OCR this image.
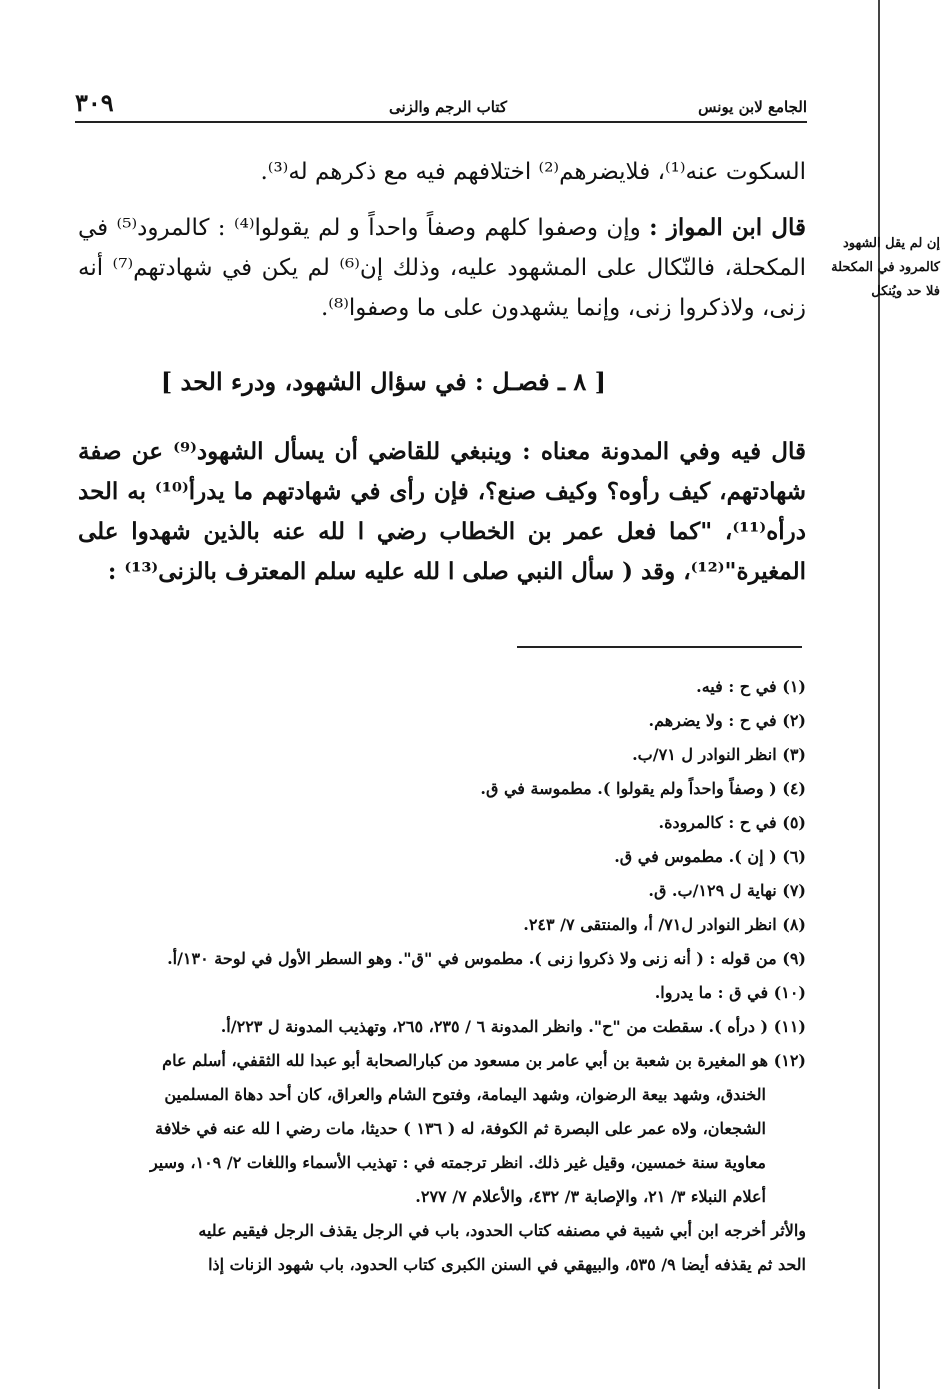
الجامع لابن يونس
كتاب الرجم والزنى
٣٠٩
إن لم يقل الشهود كالمرود في المكحلة فلا حد ويُنكل

السكوت عنه⁽¹⁾، فلايضرهم⁽²⁾ اختلافهم فيه مع ذكرهم له⁽³⁾.

قال ابن المواز : وإن وصفوا كلهم وصفاً واحداً و لم يقولوا⁽⁴⁾ : كالمرود⁽⁵⁾ في المكحلة، فالنّكال على المشهود عليه، وذلك إن⁽⁶⁾ لم يكن في شهادتهم⁽⁷⁾ أنه زنى، ولاذكروا زنى، وإنما يشهدون على ما وصفوا⁽⁸⁾.

[ ٨ ـ فصـل : في سؤال الشهود، ودرء الحد ]

قال فيه وفي المدونة معناه : وينبغي للقاضي أن يسأل الشهود⁽⁹⁾ عن صفة شهادتهم، كيف رأوه؟ وكيف صنع؟، فإن رأى في شهادتهم ما يدرأ⁽¹⁰⁾ به الحد درأه⁽¹¹⁾، "كما فعل عمر بن الخطاب رضي ا لله عنه بالذين شهدوا على المغيرة"⁽¹²⁾، وقد ( سأل النبي صلى ا لله عليه سلم المعترف بالزنى⁽¹³⁾ :

(١) في ح : فيه.

(٢) في ح : ولا يضرهم.

(٣) انظر النوادر ل ٧١/ب.

(٤) ( وصفاً واحداً ولم يقولوا ). مطموسة في ق.

(٥) في ح : كالمرودة.

(٦) ( إن ). مطموس في ق.

(٧) نهاية ل ١٢٩/ب. ق.

(٨) انظر النوادر ل٧١/ أ، والمنتقى ٧/ ٢٤٣.

(٩) من قوله : ( أنه زنى ولا ذكروا زنى ). مطموس في "ق". وهو السطر الأول في لوحة ١٣٠/أ.

(١٠) في ق : ما يدروا.

(١١) ( درأه ). سقطت من "ح". وانظر المدونة ٦ / ٢٣٥، ٢٦٥، وتهذيب المدونة ل ٢٢٣/أ.

(١٢) هو المغيرة بن شعبة بن أبي عامر بن مسعود من كبارالصحابة أبو عبدا لله الثقفي، أسلم عام

الخندق، وشهد بيعة الرضوان، وشهد اليمامة، وفتوح الشام والعراق، كان أحد دهاة المسلمين

الشجعان، ولاه عمر على البصرة ثم الكوفة، له ( ١٣٦ ) حديثا، مات رضي ا لله عنه في خلافة

معاوية سنة خمسين، وقيل غير ذلك. انظر ترجمته في : تهذيب الأسماء واللغات ٢/ ١٠٩، وسير

أعلام النبلاء ٣/ ٢١، والإصابة ٣/ ٤٣٢، والأعلام ٧/ ٢٧٧.

والأثر أخرجه ابن أبي شيبة في مصنفه كتاب الحدود، باب في الرجل يقذف الرجل فيقيم عليه

الحد ثم يقذفه أيضا ٩/ ٥٣٥، والبيهقي في السنن الكبرى كتاب الحدود، باب شهود الزنات إذا
